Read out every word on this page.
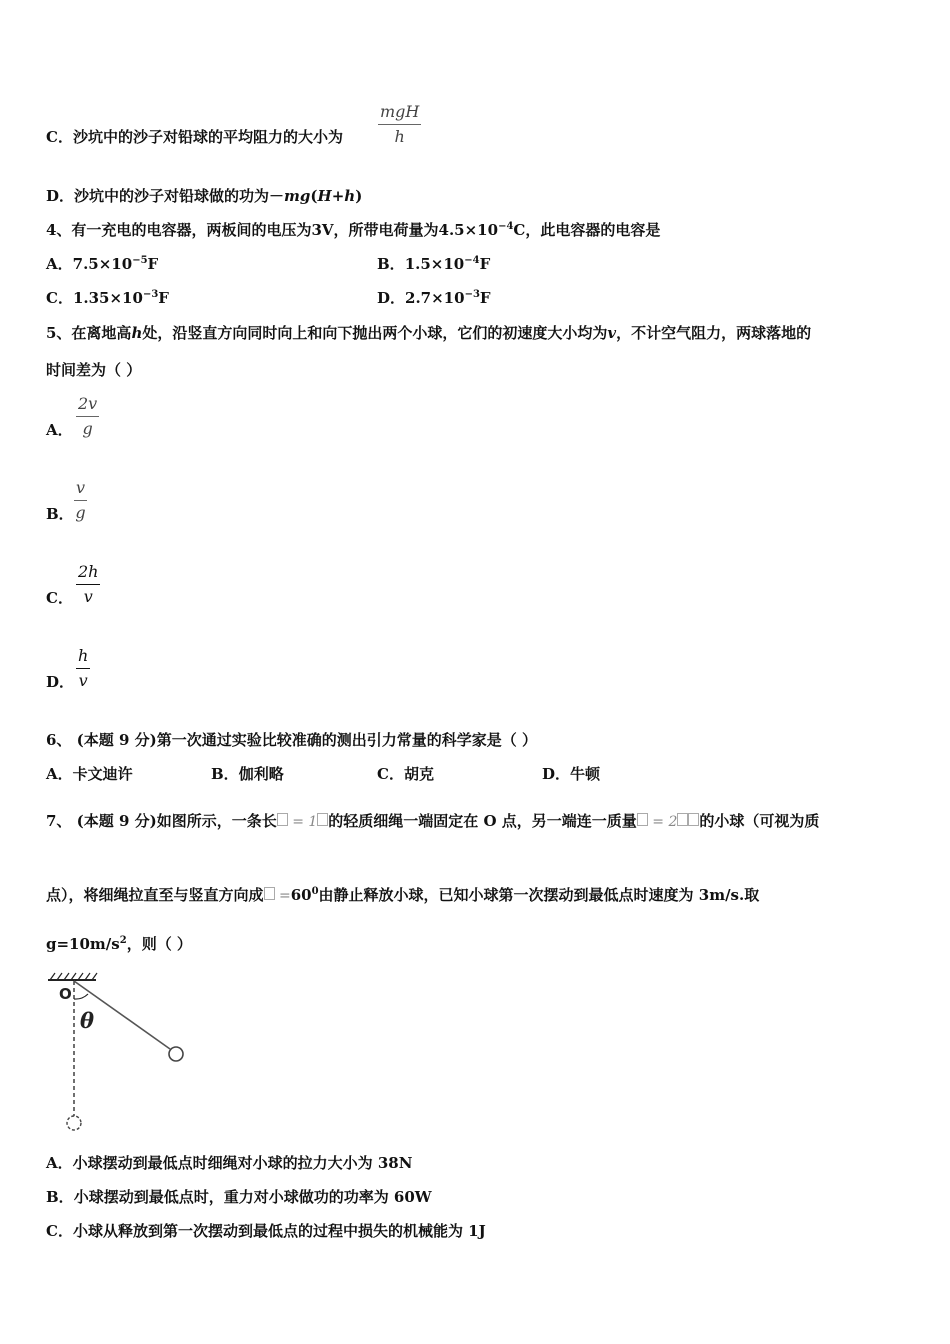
C．沙坑中的沙子对铅球的平均阻力的大小为
mgH
h
D．沙坑中的沙子对铅球做的功为－mg(H+h)
4、有一充电的电容器，两板间的电压为3V，所带电荷量为$4.5\times 10^{-4}C$，此电容器的电容是
A．$7.5\times 10^{-5}F$	B．$1.5\times 10^{-4}F$
C．$1.35\times 10^{-3}F$	D．$2.7\times 10^{-3}F$
5、在离地高h处，沿竖直方向同时向上和向下抛出两个小球，它们的初速度大小均为v，不计空气阻力，两球落地的
时间差为（ ）
A． $\frac{2v}{g}$
B． $\frac{v}{g}$
C． $\frac{2h}{v}$
D． $\frac{h}{v}$
6、 (本题 9 分)第一次通过实验比较准确的测出引力常量的科学家是（ ）
A．卡文迪许	B．伽利略	C．胡克	D．牛顿
7、 (本题 9 分)如图所示，一条长 = 1 的轻质细绳一端固定在 O 点，另一端连一质量 = 2 的小球（可视为质
点），将细绳拉直至与竖直方向成 $=60^0$由静止释放小球，已知小球第一次摆动到最低点时速度为 3m/s.取
$g=10m/s^2$，则（ ）
O
θ
A．小球摆动到最低点时细绳对小球的拉力大小为 38N
B．小球摆动到最低点时，重力对小球做功的功率为 60W
C．小球从释放到第一次摆动到最低点的过程中损失的机械能为 1J
